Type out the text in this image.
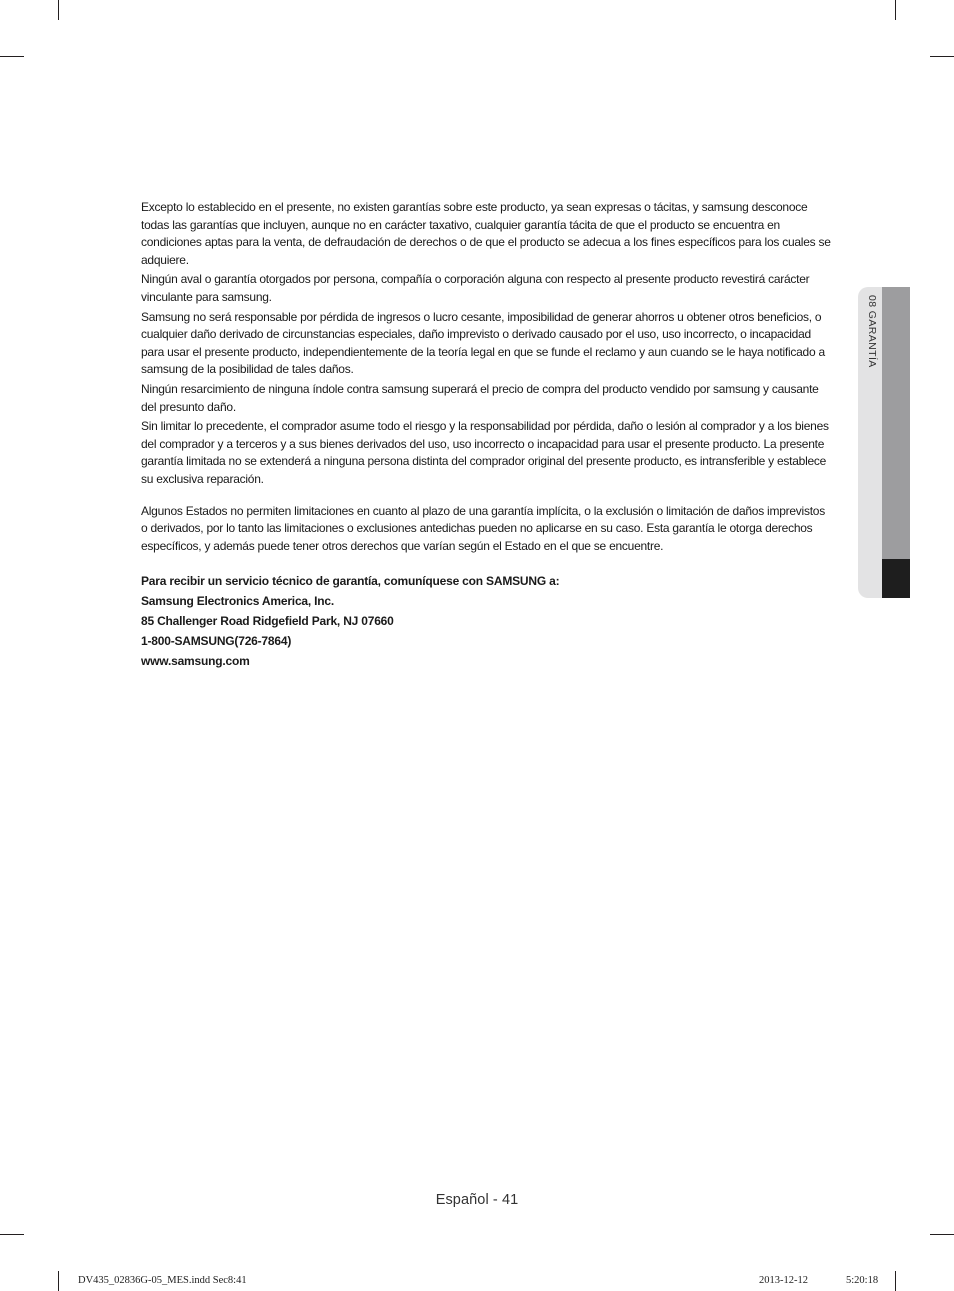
Excepto lo establecido en el presente, no existen garantías sobre este producto, ya sean expresas o tácitas, y samsung desconoce todas las garantías que incluyen, aunque no en carácter taxativo, cualquier garantía tácita de que el producto se encuentra en condiciones aptas para la venta, de defraudación de derechos o de que el producto se adecua a los fines específicos para los cuales se adquiere.

Ningún aval o garantía otorgados por persona, compañía o corporación alguna con respecto al presente producto revestirá carácter vinculante para samsung.

Samsung no será responsable por pérdida de ingresos o lucro cesante, imposibilidad de generar ahorros u obtener otros beneficios, o cualquier daño derivado de circunstancias especiales, daño imprevisto o derivado causado por el uso, uso incorrecto, o incapacidad para usar el presente producto, independientemente de la teoría legal en que se funde el reclamo y aun cuando se le haya notificado a samsung de la posibilidad de tales daños.

Ningún resarcimiento de ninguna índole contra samsung superará el precio de compra del producto vendido por samsung y causante del presunto daño.

Sin limitar lo precedente, el comprador asume todo el riesgo y la responsabilidad por pérdida, daño o lesión al comprador y a los bienes del comprador y a terceros y a sus bienes derivados del uso, uso incorrecto o incapacidad para usar el presente producto. La presente garantía limitada no se extenderá a ninguna persona distinta del comprador original del presente producto, es intransferible y establece su exclusiva reparación.

Algunos Estados no permiten limitaciones en cuanto al plazo de una garantía implícita, o la exclusión o limitación de daños imprevistos o derivados, por lo tanto las limitaciones o exclusiones antedichas pueden no aplicarse en su caso. Esta garantía le otorga derechos específicos, y además puede tener otros derechos que varían según el Estado en el que se encuentre.

Para recibir un servicio técnico de garantía, comuníquese con SAMSUNG a:
Samsung Electronics America, Inc.
85 Challenger Road Ridgefield Park, NJ 07660
1-800-SAMSUNG(726-7864)
www.samsung.com
08 GARANTÍA
Español - 41
DV435_02836G-05_MES.indd Sec8:41	2013-12-12	5:20:18
